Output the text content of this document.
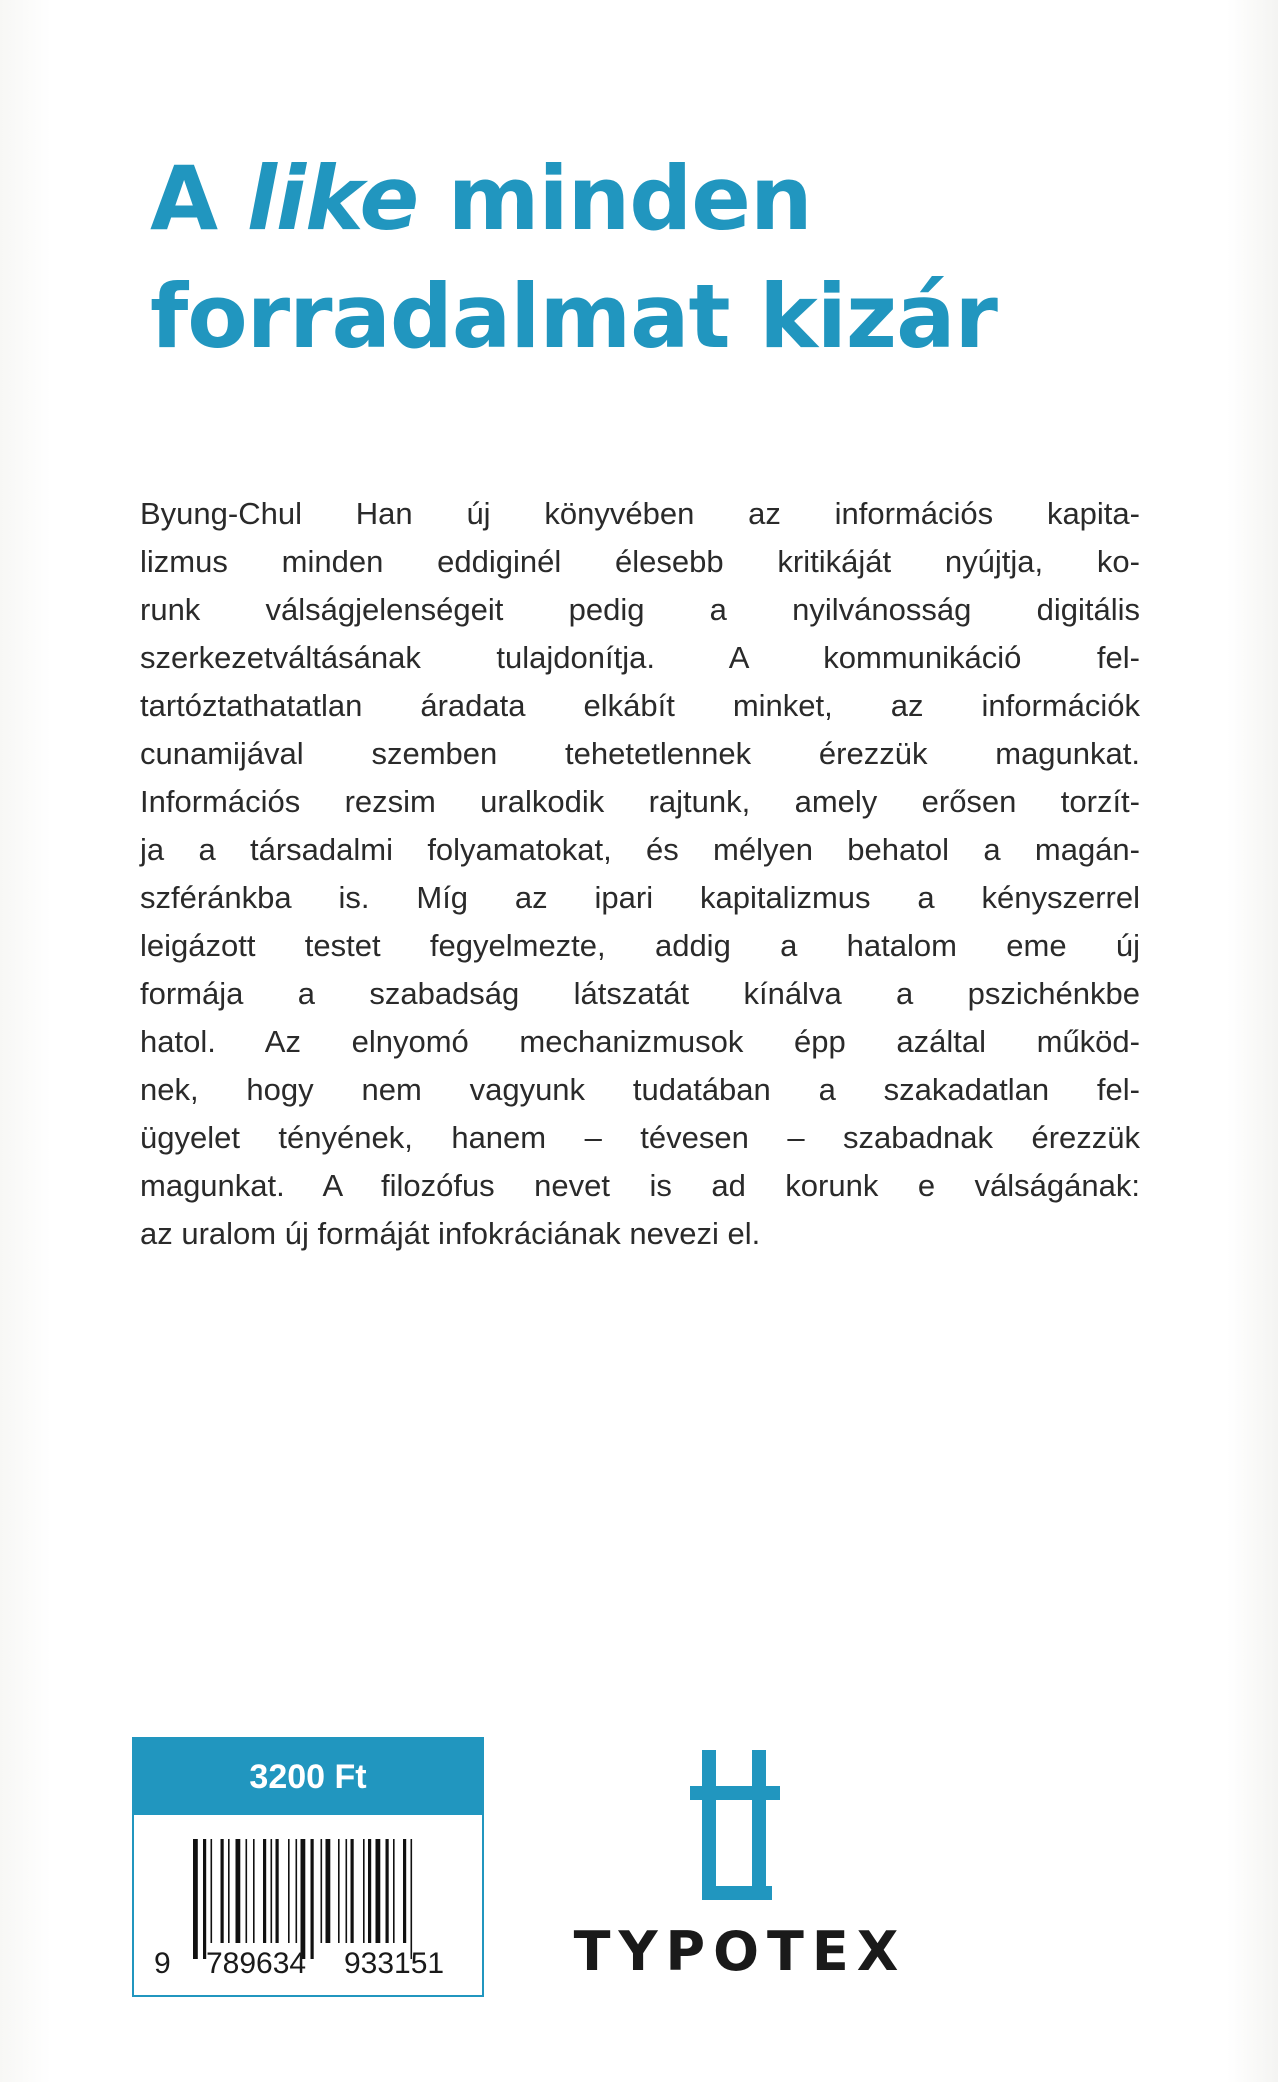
A like minden
forradalmat kizár
Byung-Chul Han új könyvében az információs kapita-
lizmus minden eddiginél élesebb kritikáját nyújtja, ko-
runk válságjelenségeit pedig a nyilvánosság digitális
szerkezetváltásának tulajdonítja. A kommunikáció fel-
tartóztathatatlan áradata elkábít minket, az információk
cunamijával szemben tehetetlennek érezzük magunkat.
Információs rezsim uralkodik rajtunk, amely erősen torzít-
ja a társadalmi folyamatokat, és mélyen behatol a magán-
szféránkba is. Míg az ipari kapitalizmus a kényszerrel
leigázott testet fegyelmezte, addig a hatalom eme új
formája a szabadság látszatát kínálva a pszichénkbe
hatol. Az elnyomó mechanizmusok épp azáltal működ-
nek, hogy nem vagyunk tudatában a szakadatlan fel-
ügyelet tényének, hanem – tévesen – szabadnak érezzük
magunkat. A filozófus nevet is ad korunk e válságának:
az uralom új formáját infokráciának nevezi el.
3200 Ft
9 789634 933151 TYPOTEX
